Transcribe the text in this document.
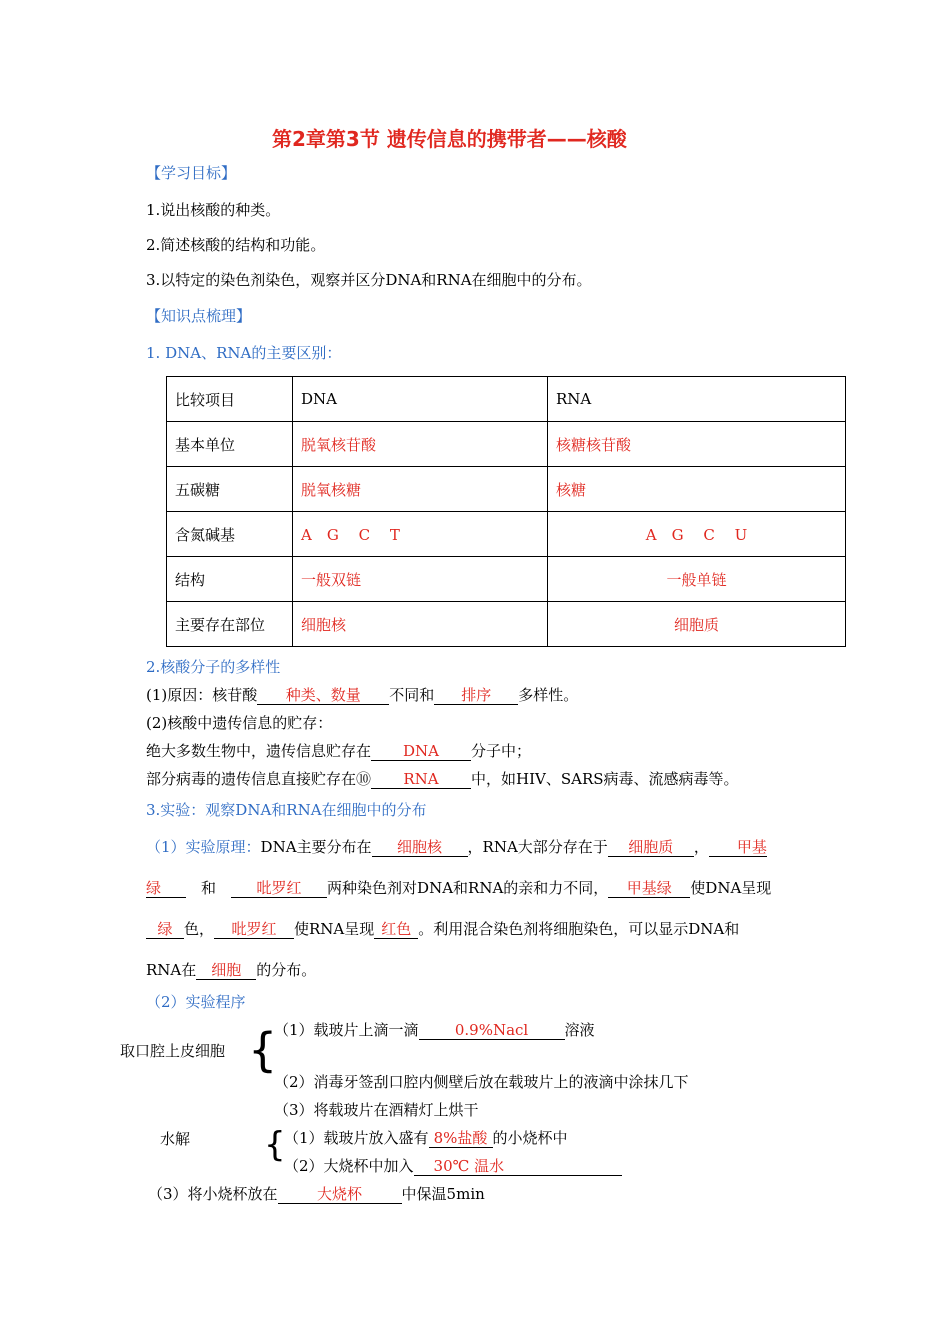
第2章第3节 遗传信息的携带者——核酸
【学习目标】
1.说出核酸的种类。
2.简述核酸的结构和功能。
3.以特定的染色剂染色，观察并区分DNA和RNA在细胞中的分布。
【知识点梳理】
1. DNA、RNA的主要区别：
比较项目	DNA	RNA
基本单位	脱氧核苷酸	核糖核苷酸
五碳糖	脱氧核糖	核糖
含氮碱基	A　G　 C 　T	A　G　 C　 U
结构	一般双链	一般单链
主要存在部位	细胞核	细胞质
2.核酸分子的多样性
(1)原因：核苷酸 种类、数量 不同和 排序 多样性。
(2)核酸中遗传信息的贮存：
绝大多数生物中，遗传信息贮存在 DNA 分子中；
部分病毒的遗传信息直接贮存在⑩ RNA 中，如HIV、SARS病毒、流感病毒等。
3.实验：观察DNA和RNA在细胞中的分布
（1）实验原理：DNA主要分布在 细胞核 ，RNA大部分存在于 细胞质 ， 甲基
绿　	和　	吡罗红 两种染色剂对DNA和RNA的亲和力不同， 甲基绿 使DNA呈现
绿 色， 吡罗红 使RNA呈现 红色 。利用混合染色剂将细胞染色，可以显示DNA和
RNA在 细胞 的分布。
（2）实验程序
取口腔上皮细胞 {
（1）载玻片上滴一滴 0.9%Nacl 溶液
（2）消毒牙签刮口腔内侧壁后放在载玻片上的液滴中涂抹几下
（3）将载玻片在酒精灯上烘干
水解 {
（1）载玻片放入盛有 8%盐酸 的小烧杯中
（2）大烧杯中加入 30℃ 温水
（3）将小烧杯放在	大烧杯	中保温5min
